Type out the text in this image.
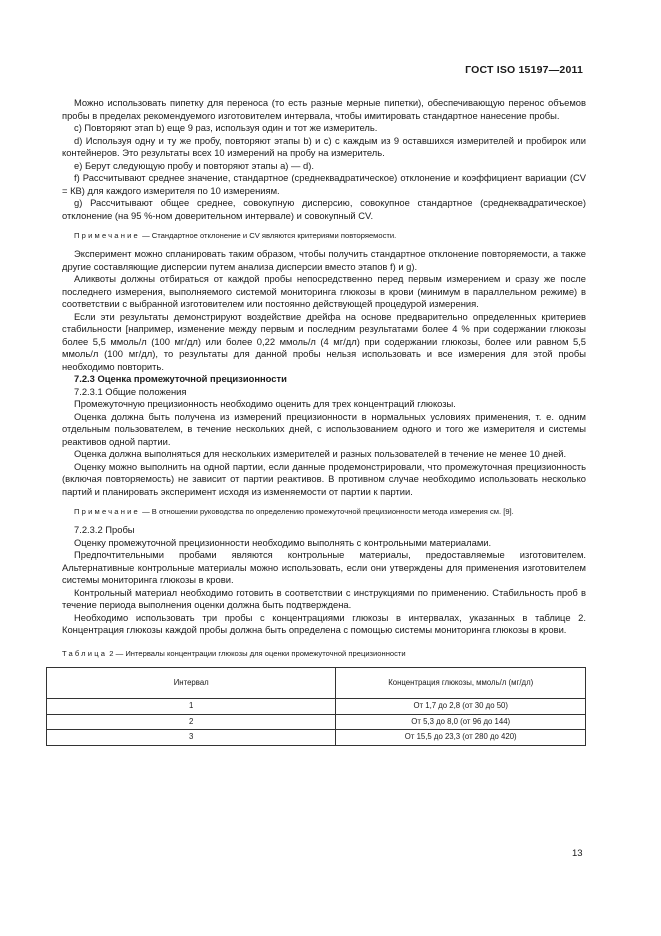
ГОСТ ISO 15197—2011

Можно использовать пипетку для переноса (то есть разные мерные пипетки), обеспечивающую перенос объемов пробы в пределах рекомендуемого изготовителем интервала, чтобы имитировать стандартное нанесение пробы.

c) Повторяют этап b) еще 9 раз, используя один и тот же измеритель.

d) Используя одну и ту же пробу, повторяют этапы b) и c) с каждым из 9 оставшихся измерителей и пробирок или контейнеров. Это результаты всех 10 измерений на пробу на измеритель.

e) Берут следующую пробу и повторяют этапы a) — d).

f) Рассчитывают среднее значение, стандартное (среднеквадратическое) отклонение и коэффициент вариации (CV = КВ) для каждого измерителя по 10 измерениям.

g) Рассчитывают общее среднее, совокупную дисперсию, совокупное стандартное (среднеквадратическое) отклонение (на 95 %-ном доверительном интервале) и совокупный CV.

Примечание — Стандартное отклонение и CV являются критериями повторяемости.

Эксперимент можно спланировать таким образом, чтобы получить стандартное отклонение повторяемости, а также другие составляющие дисперсии путем анализа дисперсии вместо этапов f) и g).

Аликвоты должны отбираться от каждой пробы непосредственно перед первым измерением и сразу же после последнего измерения, выполняемого системой мониторинга глюкозы в крови (минимум в параллельном режиме) в соответствии с выбранной изготовителем или постоянно действующей процедурой измерения.

Если эти результаты демонстрируют воздействие дрейфа на основе предварительно определенных критериев стабильности [например, изменение между первым и последним результатами более 4 % при содержании глюкозы более 5,5 ммоль/л (100 мг/дл) или более 0,22 ммоль/л (4 мг/дл) при содержании глюкозы, более или равном 5,5 ммоль/л (100 мг/дл), то результаты для данной пробы нельзя использовать и все измерения для этой пробы необходимо повторить.

7.2.3 Оценка промежуточной прецизионности

7.2.3.1 Общие положения

Промежуточную прецизионность необходимо оценить для трех концентраций глюкозы.

Оценка должна быть получена из измерений прецизионности в нормальных условиях применения, т. е. одним отдельным пользователем, в течение нескольких дней, с использованием одного и того же измерителя и системы реактивов одной партии.

Оценка должна выполняться для нескольких измерителей и разных пользователей в течение не менее 10 дней.

Оценку можно выполнить на одной партии, если данные продемонстрировали, что промежуточная прецизионность (включая повторяемость) не зависит от партии реактивов. В противном случае необходимо использовать несколько партий и планировать эксперимент исходя из изменяемости от партии к партии.

Примечание — В отношении руководства по определению промежуточной прецизионности метода измерения см. [9].

7.2.3.2 Пробы

Оценку промежуточной прецизионности необходимо выполнять с контрольными материалами.

Предпочтительными пробами являются контрольные материалы, предоставляемые изготовителем. Альтернативные контрольные материалы можно использовать, если они утверждены для применения изготовителем системы мониторинга глюкозы в крови.

Контрольный материал необходимо готовить в соответствии с инструкциями по применению. Стабильность проб в течение периода выполнения оценки должна быть подтверждена.

Необходимо использовать три пробы с концентрациями глюкозы в интервалах, указанных в таблице 2. Концентрация глюкозы каждой пробы должна быть определена с помощью системы мониторинга глюкозы в крови.

Таблица 2 — Интервалы концентрации глюкозы для оценки промежуточной прецизионности
Интервал	Концентрация глюкозы, ммоль/л (мг/дл)
1	От 1,7 до 2,8 (от 30 до 50)
2	От 5,3 до 8,0 (от 96 до 144)
3	От 15,5 до 23,3 (от 280 до 420)
13
